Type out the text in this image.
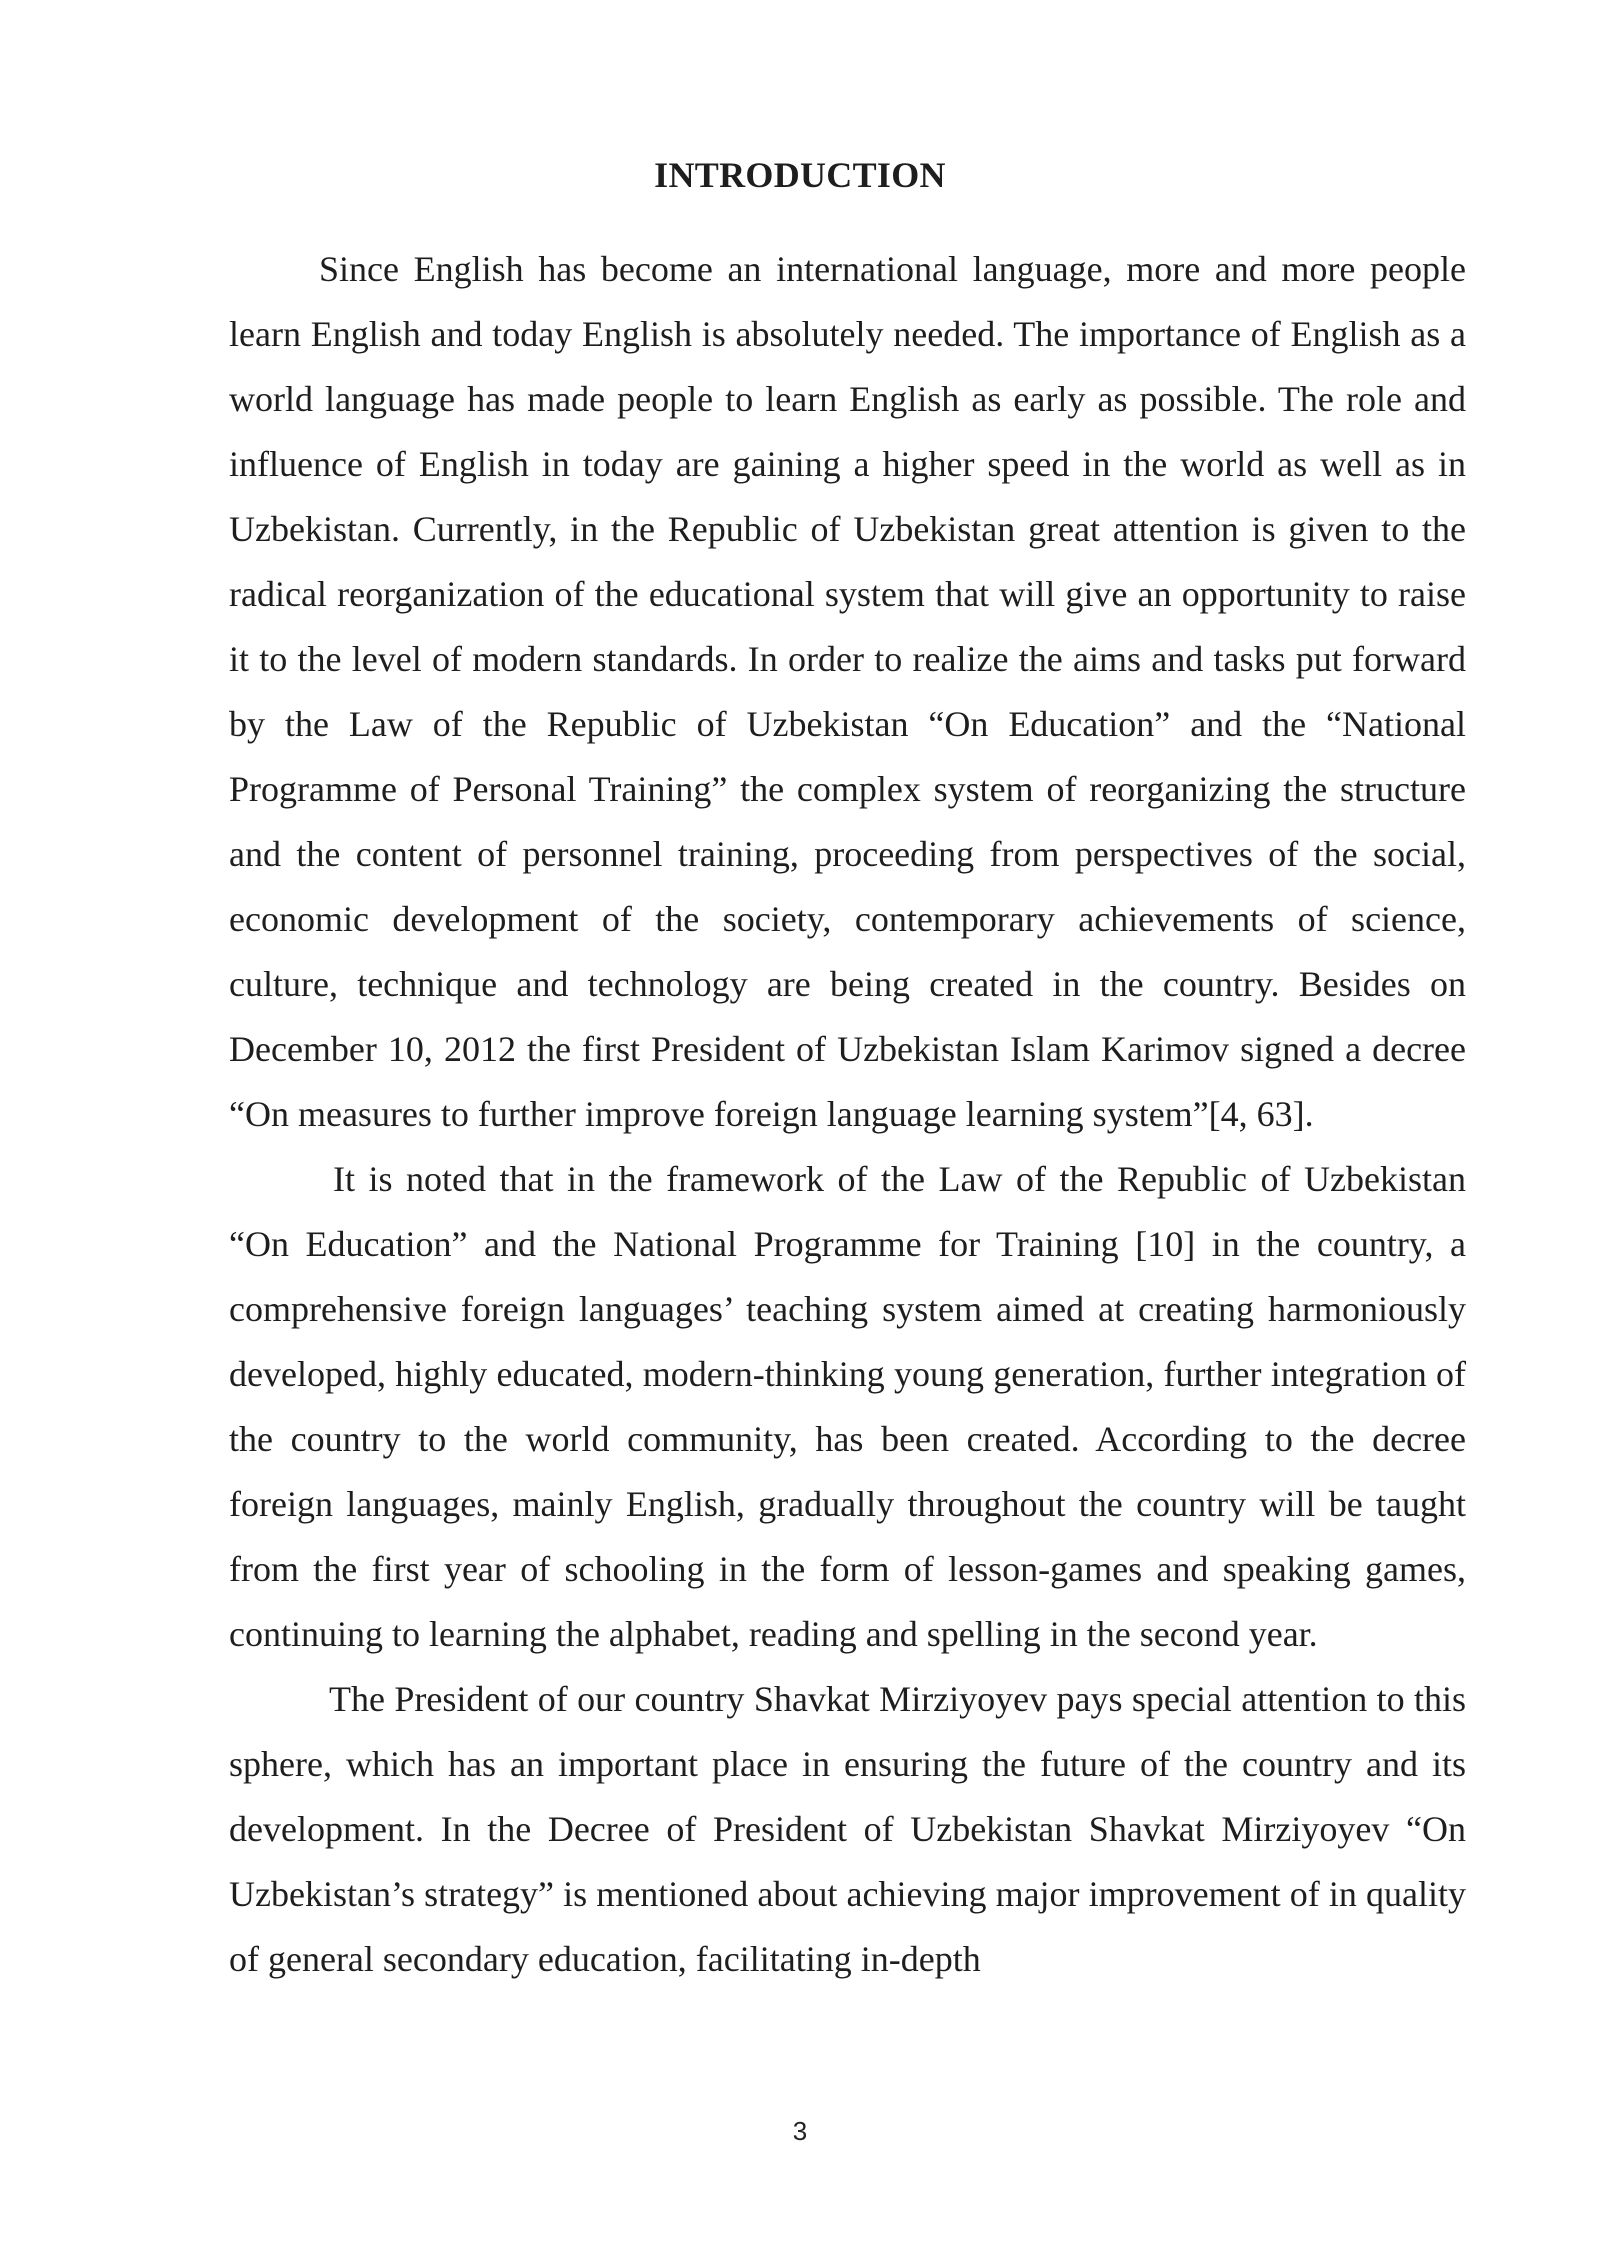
INTRODUCTION

Since English has become an international language, more and more people learn English and today English is absolutely needed. The importance of English as a world language has made people to learn English as early as possible. The role and influence of English in today are gaining a higher speed in the world as well as in Uzbekistan. Currently, in the Republic of Uzbekistan great attention is given to the radical reorganization of the educational system that will give an opportunity to raise it to the level of modern standards. In order to realize the aims and tasks put forward by the Law of the Republic of Uzbekistan “On Education” and the “National Programme of Personal Training” the complex system of reorganizing the structure and the content of personnel training, proceeding from perspectives of the social, economic development of the society, contemporary achievements of science, culture, technique and technology are being created in the country. Besides on December 10, 2012 the first President of Uzbekistan Islam Karimov signed a decree “On measures to further improve foreign language learning system”[4, 63].

It is noted that in the framework of the Law of the Republic of Uzbekistan “On Education” and the National Programme for Training [10] in the country, a comprehensive foreign languages’ teaching system aimed at creating harmoniously developed, highly educated, modern-thinking young generation, further integration of the country to the world community, has been created. According to the decree foreign languages, mainly English, gradually throughout the country will be taught from the first year of schooling in the form of lesson-games and speaking games, continuing to learning the alphabet, reading and spelling in the second year.

The President of our country Shavkat Mirziyoyev pays special attention to this sphere, which has an important place in ensuring the future of the country and its development. In the Decree of President of Uzbekistan Shavkat Mirziyoyev “On Uzbekistan’s strategy” is mentioned about achieving major improvement of in quality of general secondary education, facilitating in-depth

3
